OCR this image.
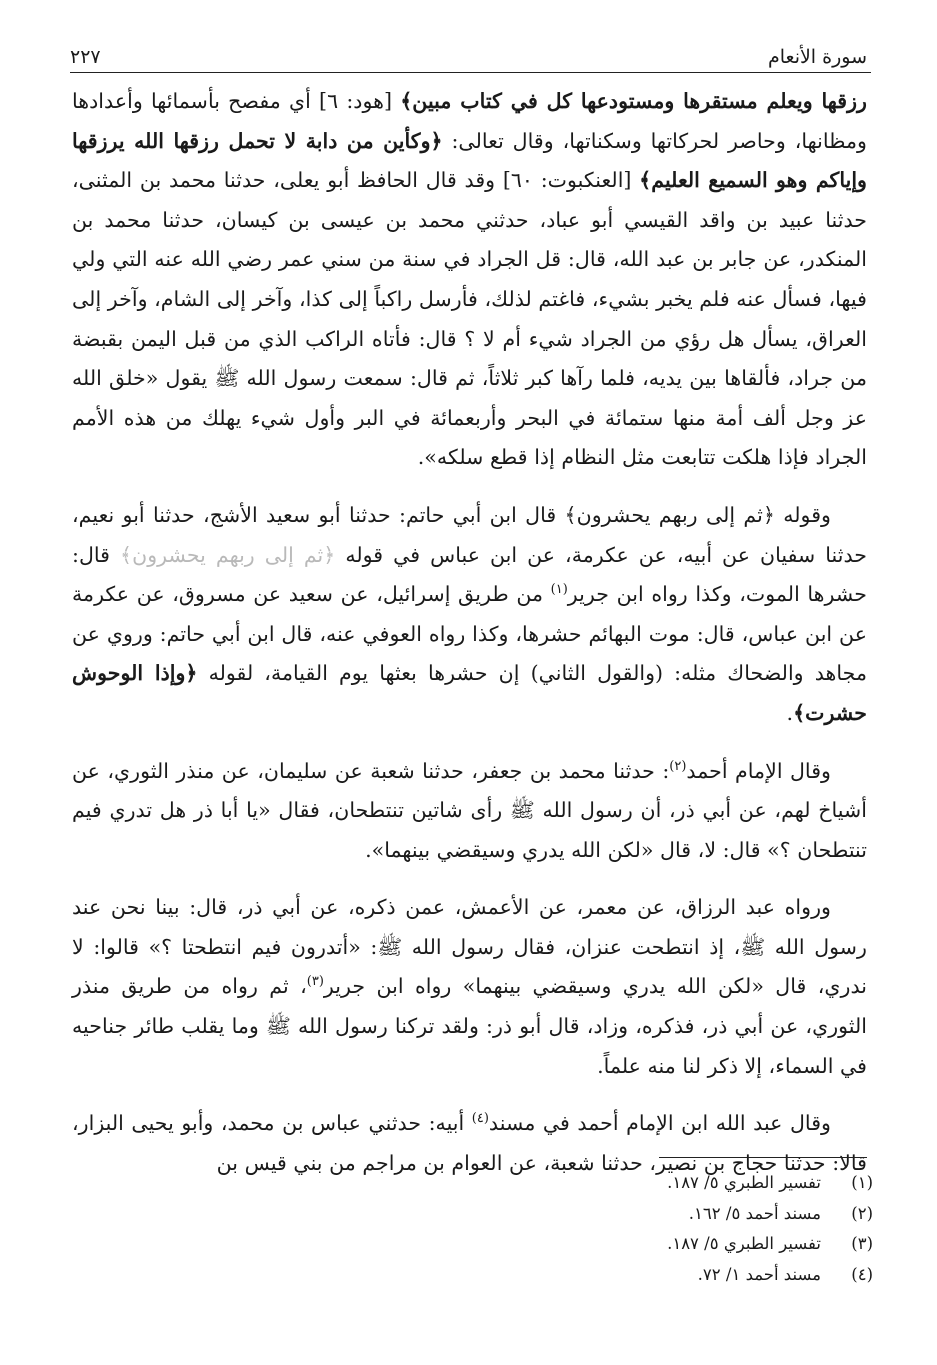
سورة الأنعام
٢٢٧

رزقها ويعلم مستقرها ومستودعها كل في كتاب مبين﴾ [هود: ٦] أي مفصح بأسمائها وأعدادها ومظانها، وحاصر لحركاتها وسكناتها، وقال تعالى: ﴿وكأين من دابة لا تحمل رزقها الله يرزقها وإياكم وهو السميع العليم﴾ [العنكبوت: ٦٠] وقد قال الحافظ أبو يعلى، حدثنا محمد بن المثنى، حدثنا عبيد بن واقد القيسي أبو عباد، حدثني محمد بن عيسى بن كيسان، حدثنا محمد بن المنكدر، عن جابر بن عبد الله، قال: قل الجراد في سنة من سني عمر رضي الله عنه التي ولي فيها، فسأل عنه فلم يخبر بشيء، فاغتم لذلك، فأرسل راكباً إلى كذا، وآخر إلى الشام، وآخر إلى العراق، يسأل هل رؤي من الجراد شيء أم لا ؟ قال: فأتاه الراكب الذي من قبل اليمن بقبضة من جراد، فألقاها بين يديه، فلما رآها كبر ثلاثاً، ثم قال: سمعت رسول الله ﷺ يقول «خلق الله عز وجل ألف أمة منها ستمائة في البحر وأربعمائة في البر وأول شيء يهلك من هذه الأمم الجراد فإذا هلكت تتابعت مثل النظام إذا قطع سلكه».

وقوله ﴿ثم إلى ربهم يحشرون﴾ قال ابن أبي حاتم: حدثنا أبو سعيد الأشج، حدثنا أبو نعيم، حدثنا سفيان عن أبيه، عن عكرمة، عن ابن عباس في قوله ﴿ثم إلى ربهم يحشرون﴾ قال: حشرها الموت، وكذا رواه ابن جرير$^{(١)}$ من طريق إسرائيل، عن سعيد عن مسروق، عن عكرمة عن ابن عباس، قال: موت البهائم حشرها، وكذا رواه العوفي عنه، قال ابن أبي حاتم: وروي عن مجاهد والضحاك مثله: (والقول الثاني) إن حشرها بعثها يوم القيامة، لقوله ﴿وإذا الوحوش حشرت﴾.

وقال الإمام أحمد$^{(٢)}$: حدثنا محمد بن جعفر، حدثنا شعبة عن سليمان، عن منذر الثوري، عن أشياخ لهم، عن أبي ذر، أن رسول الله ﷺ رأى شاتين تنتطحان، فقال «يا أبا ذر هل تدري فيم تنتطحان ؟» قال: لا، قال «لكن الله يدري وسيقضي بينهما».

ورواه عبد الرزاق، عن معمر، عن الأعمش، عمن ذكره، عن أبي ذر، قال: بينا نحن عند رسول الله ﷺ، إذ انتطحت عنزان، فقال رسول الله ﷺ: «أتدرون فيم انتطحتا ؟» قالوا: لا ندري، قال «لكن الله يدري وسيقضي بينهما» رواه ابن جرير$^{(٣)}$، ثم رواه من طريق منذر الثوري، عن أبي ذر، فذكره، وزاد، قال أبو ذر: ولقد تركنا رسول الله ﷺ وما يقلب طائر جناحيه في السماء، إلا ذكر لنا منه علماً.

وقال عبد الله ابن الإمام أحمد في مسند$^{(٤)}$ أبيه: حدثني عباس بن محمد، وأبو يحيى البزار، قالا: حدثنا حجاج بن نصير، حدثنا شعبة، عن العوام بن مراجم من بني قيس بن

(١)
تفسير الطبري ٥/ ١٨٧.
(٢)
مسند أحمد ٥/ ١٦٢.
(٣)
تفسير الطبري ٥/ ١٨٧.
(٤)
مسند أحمد ١/ ٧٢.
